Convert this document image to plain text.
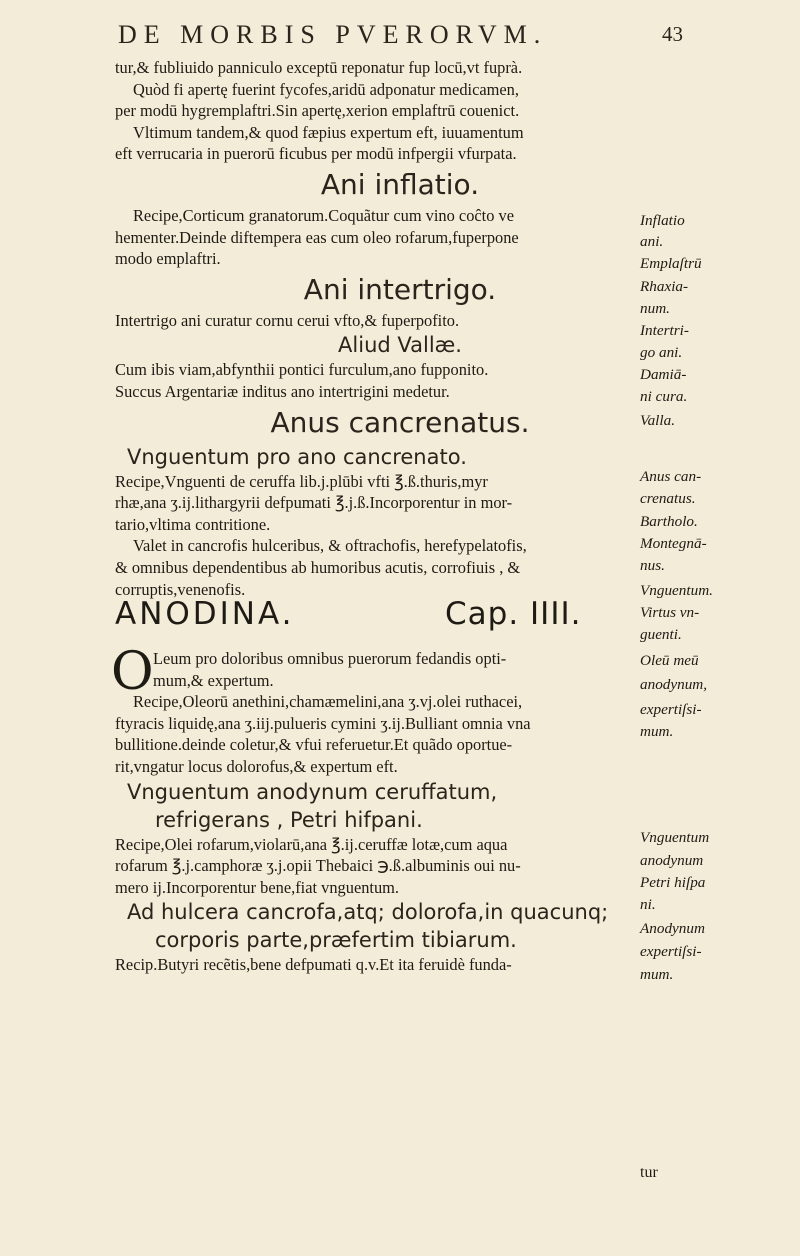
DE MORBIS PVERORVM.	43
tur,& fubliuido panniculo exceptū reponatur fup locū,vt fuprà.
Quòd fi apertę fuerint fycofes,aridū adponatur medicamen,
per modū hygremplaftri.Sin apertę,xerion emplaftrū couenict.
Vltimum tandem,& quod fæpius expertum eft, iuuamentum
eft verrucaria in puerorū ficubus per modū infpergii vfurpata.
Ani inflatio.
Recipe,Corticum granatorum.Coquãtur cum vino coĉto ve
hementer.Deinde diftempera eas cum oleo rofarum,fuperpone
modo emplaftri.
Ani intertrigo.
Intertrigo ani curatur cornu cerui vfto,& fuperpofito.
Aliud Vallæ.
Cum ibis viam,abfynthii pontici furculum,ano fupponito.
Succus Argentariæ inditus ano intertrigini medetur.
Anus cancrenatus.
Vnguentum pro ano cancrenato.
Recipe,Vnguenti de ceruffa lib.j.plūbi vfti ℥.ß.thuris,myr
rhæ,ana ʒ.ij.lithargyrii defpumati ℥.j.ß.Incorporentur in mor-
tario,vltima contritione.
Valet in cancrofis hulceribus, & oftrachofis, herefypelatofis,
& omnibus dependentibus ab humoribus acutis, corrofiuis , &
corruptis,venenofis.
ANODINA.	Cap. IIII.
O Leum pro doloribus omnibus puerorum fedandis opti-
mum,& expertum.
Recipe,Oleorū anethini,chamæmelini,ana ʒ.vj.olei ruthacei,
ftyracis liquidę,ana ʒ.iij.pulueris cymini ʒ.ij.Bulliant omnia vna
bullitione.deinde coletur,& vfui referuetur.Et quãdo oportue-
rit,vngatur locus dolorofus,& expertum eft.
Vnguentum anodynum ceruffatum,
refrigerans , Petri hifpani.
Recipe,Olei rofarum,violarū,ana ℥.ij.ceruffæ lotæ,cum aqua
rofarum ℥.j.camphoræ ʒ.j.opii Thebaici ℈.ß.albuminis oui nu-
mero ij.Incorporentur bene,fiat vnguentum.
Ad hulcera cancrofa,atq; dolorofa,in quacunq;
corporis parte,præfertim tibiarum.
Recip.Butyri recẽtis,bene defpumati q.v.Et ita feruidè funda-
Inflatio
ani.
Emplaſtrū
Rhaxia-
num.
Intertri-
go ani.
Damiā-
ni cura.
Valla.
Anus can-
crenatus.
Bartholo.
Montegnā-
nus.
Vnguentum.
Virtus vn-
guenti.
Oleū meū
anodynum,
expertiſsi-
mum.
Vnguentum
anodynum
Petri hiſpa
ni.
Anodynum
expertiſsi-
mum.
tur
